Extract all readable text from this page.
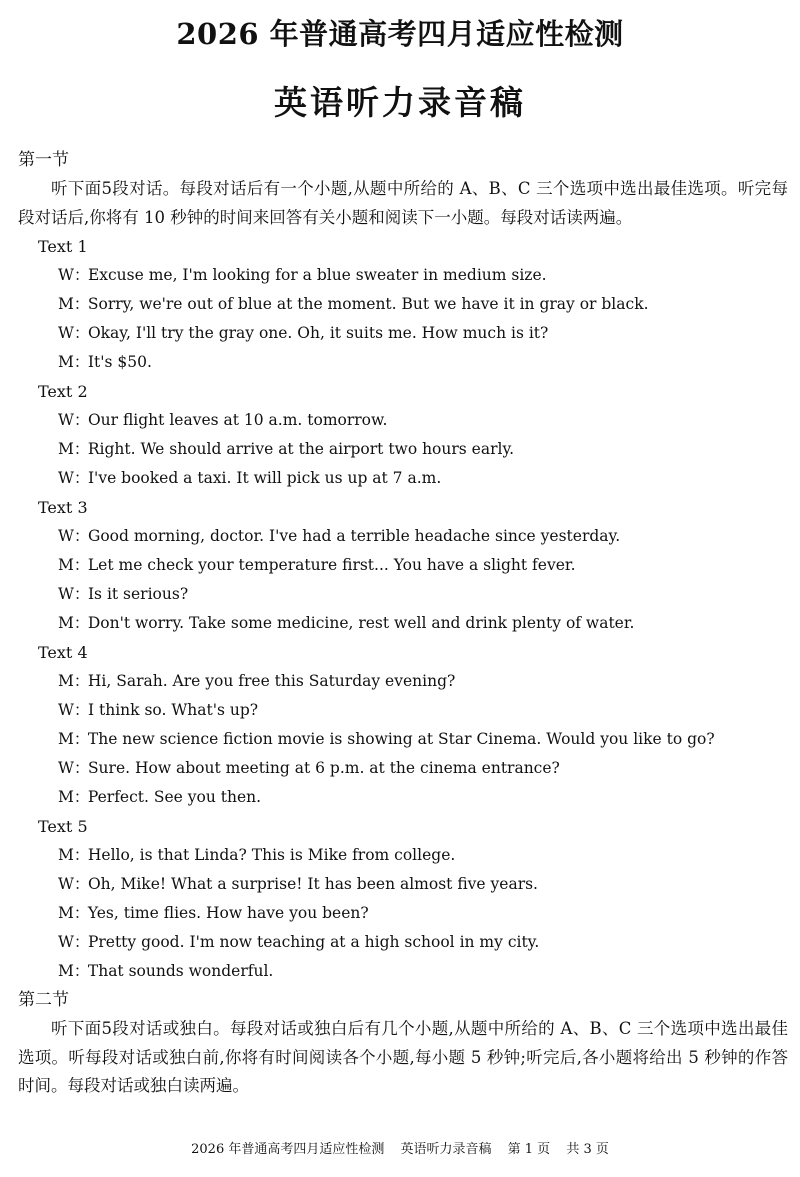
2026 年普通高考四月适应性检测
英语听力录音稿
第一节
听下面5段对话。每段对话后有一个小题,从题中所给的 A、B、C 三个选项中选出最佳选项。听完每段对话后,你将有 10 秒钟的时间来回答有关小题和阅读下一小题。每段对话读两遍。
Text 1
W：Excuse me, I'm looking for a blue sweater in medium size.
M：Sorry, we're out of blue at the moment. But we have it in gray or black.
W：Okay, I'll try the gray one. Oh, it suits me. How much is it?
M：It's $50.
Text 2
W：Our flight leaves at 10 a.m. tomorrow.
M：Right. We should arrive at the airport two hours early.
W：I've booked a taxi. It will pick us up at 7 a.m.
Text 3
W：Good morning, doctor. I've had a terrible headache since yesterday.
M：Let me check your temperature first... You have a slight fever.
W：Is it serious?
M：Don't worry. Take some medicine, rest well and drink plenty of water.
Text 4
M：Hi, Sarah. Are you free this Saturday evening?
W：I think so. What's up?
M：The new science fiction movie is showing at Star Cinema. Would you like to go?
W：Sure. How about meeting at 6 p.m. at the cinema entrance?
M：Perfect. See you then.
Text 5
M：Hello, is that Linda? This is Mike from college.
W：Oh, Mike! What a surprise! It has been almost five years.
M：Yes, time flies. How have you been?
W：Pretty good. I'm now teaching at a high school in my city.
M：That sounds wonderful.
第二节
听下面5段对话或独白。每段对话或独白后有几个小题,从题中所给的 A、B、C 三个选项中选出最佳选项。听每段对话或独白前,你将有时间阅读各个小题,每小题 5 秒钟;听完后,各小题将给出 5 秒钟的作答时间。每段对话或独白读两遍。
2026 年普通高考四月适应性检测 英语听力录音稿 第 1 页 共 3 页
